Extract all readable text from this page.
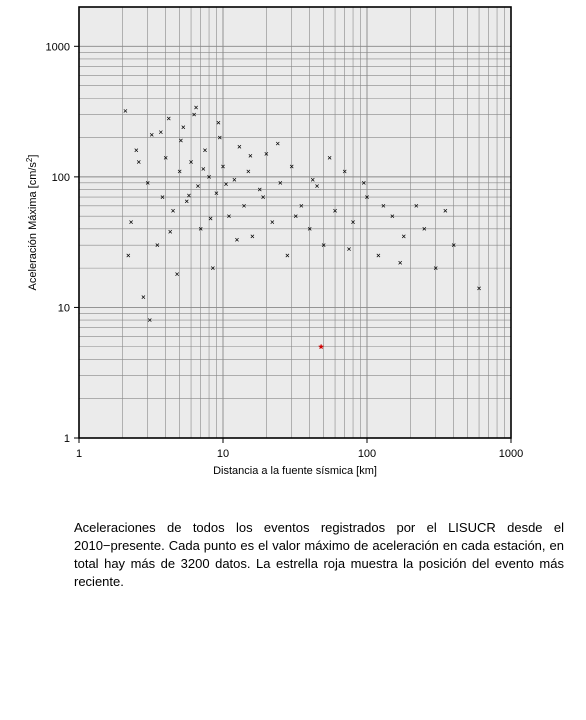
1	10	100	1000
1
10
100
1000
Distancia a la fuente sísmica [km]
Aceleración Máxima $[cm/s^2]$

Aceleraciones de todos los eventos registrados por el LISUCR desde el 2010−presente. Cada punto es el valor máximo de aceleración en cada estación, en total hay más de 3200 datos. La estrella roja muestra la posición del evento más reciente.
